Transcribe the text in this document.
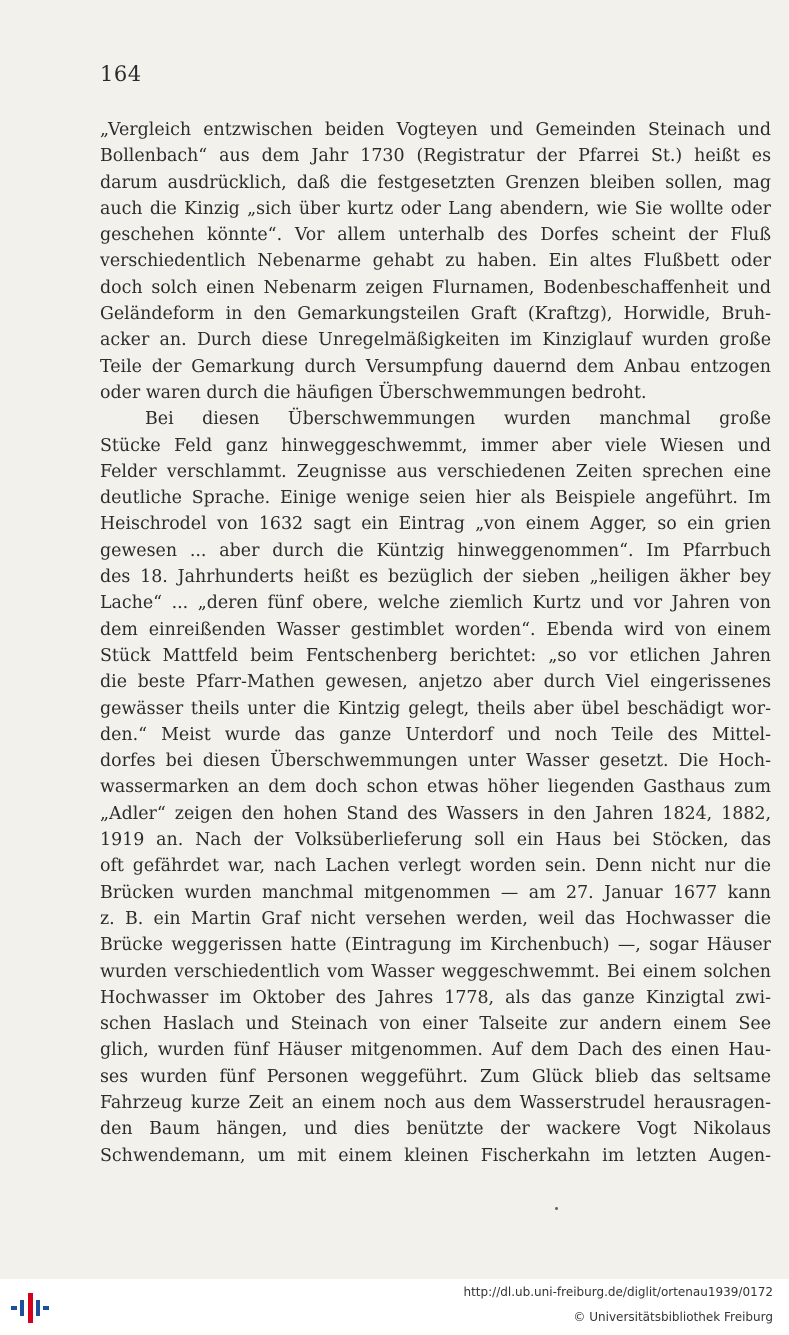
164
„Vergleich entzwischen beiden Vogteyen und Gemeinden Steinach und
Bollenbach“ aus dem Jahr 1730 (Registratur der Pfarrei St.) heißt es
darum ausdrücklich, daß die festgesetzten Grenzen bleiben sollen, mag
auch die Kinzig „sich über kurtz oder Lang abendern, wie Sie wollte oder
geschehen könnte“. Vor allem unterhalb des Dorfes scheint der Fluß
verschiedentlich Nebenarme gehabt zu haben. Ein altes Flußbett oder
doch solch einen Nebenarm zeigen Flurnamen, Bodenbeschaffenheit und
Geländeform in den Gemarkungsteilen Graft (Kraftzg), Horwidle, Bruh-
acker an. Durch diese Unregelmäßigkeiten im Kinziglauf wurden große
Teile der Gemarkung durch Versumpfung dauernd dem Anbau entzogen
oder waren durch die häufigen Überschwemmungen bedroht.
Bei diesen Überschwemmungen wurden manchmal große
Stücke Feld ganz hinweggeschwemmt, immer aber viele Wiesen und
Felder verschlammt. Zeugnisse aus verschiedenen Zeiten sprechen eine
deutliche Sprache. Einige wenige seien hier als Beispiele angeführt. Im
Heischrodel von 1632 sagt ein Eintrag „von einem Agger, so ein grien
gewesen ... aber durch die Küntzig hinweggenommen“. Im Pfarrbuch
des 18. Jahrhunderts heißt es bezüglich der sieben „heiligen äkher bey
Lache“ ... „deren fünf obere, welche ziemlich Kurtz und vor Jahren von
dem einreißenden Wasser gestimblet worden“. Ebenda wird von einem
Stück Mattfeld beim Fentschenberg berichtet: „so vor etlichen Jahren
die beste Pfarr-Mathen gewesen, anjetzo aber durch Viel eingerissenes
gewässer theils unter die Kintzig gelegt, theils aber übel beschädigt wor-
den.“ Meist wurde das ganze Unterdorf und noch Teile des Mittel-
dorfes bei diesen Überschwemmungen unter Wasser gesetzt. Die Hoch-
wassermarken an dem doch schon etwas höher liegenden Gasthaus zum
„Adler“ zeigen den hohen Stand des Wassers in den Jahren 1824, 1882,
1919 an. Nach der Volksüberlieferung soll ein Haus bei Stöcken, das
oft gefährdet war, nach Lachen verlegt worden sein. Denn nicht nur die
Brücken wurden manchmal mitgenommen — am 27. Januar 1677 kann
z. B. ein Martin Graf nicht versehen werden, weil das Hochwasser die
Brücke weggerissen hatte (Eintragung im Kirchenbuch) —, sogar Häuser
wurden verschiedentlich vom Wasser weggeschwemmt. Bei einem solchen
Hochwasser im Oktober des Jahres 1778, als das ganze Kinzigtal zwi-
schen Haslach und Steinach von einer Talseite zur andern einem See
glich, wurden fünf Häuser mitgenommen. Auf dem Dach des einen Hau-
ses wurden fünf Personen weggeführt. Zum Glück blieb das seltsame
Fahrzeug kurze Zeit an einem noch aus dem Wasserstrudel herausragen-
den Baum hängen, und dies benützte der wackere Vogt Nikolaus
Schwendemann, um mit einem kleinen Fischerkahn im letzten Augen-
http://dl.ub.uni-freiburg.de/diglit/ortenau1939/0172
© Universitätsbibliothek Freiburg
